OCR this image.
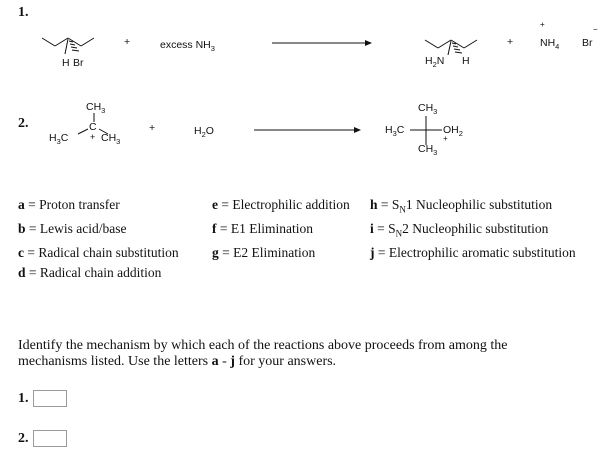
1.
2.
H Br
+	excess $NH_3$
$H_2N$ H
+
+
$NH_4$
−
Br
$CH_3$
C
$H_3C + CH_3$
+	$H_2O$
$CH_3$
$H_3C$	$OH_2$
+
$CH_3$
a = Proton transfer
b = Lewis acid/base
c = Radical chain substitution
d = Radical chain addition
e = Electrophilic addition
f = E1 Elimination
g = E2 Elimination
$h = S_N1$ Nucleophilic substitution
$i = S_N2$ Nucleophilic substitution
j = Electrophilic aromatic substitution
Identify the mechanism by which each of the reactions above proceeds from among the mechanisms listed. Use the letters a - j for your answers.
1.
2.
